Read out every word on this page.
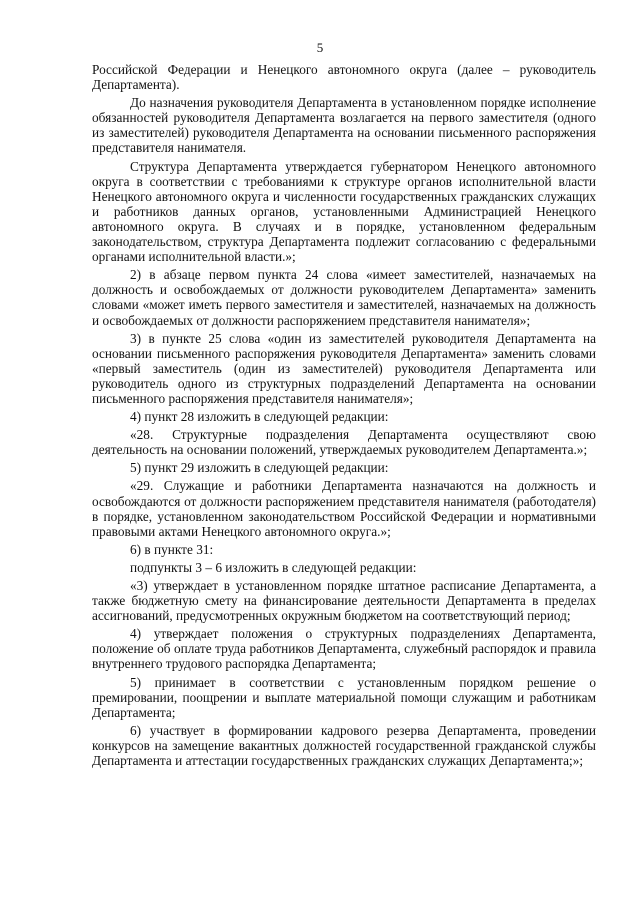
5

Российской Федерации и Ненецкого автономного округа (далее – руководитель Департамента).

До назначения руководителя Департамента в установленном порядке исполнение обязанностей руководителя Департамента возлагается на первого заместителя (одного из заместителей) руководителя Департамента на основании письменного распоряжения представителя нанимателя.

Структура Департамента утверждается губернатором Ненецкого автономного округа в соответствии с требованиями к структуре органов исполнительной власти Ненецкого автономного округа и численности государственных гражданских служащих и работников данных органов, установленными Администрацией Ненецкого автономного округа. В случаях и в порядке, установленном федеральным законодательством, структура Департамента подлежит согласованию с федеральными органами исполнительной власти.»;

2) в абзаце первом пункта 24 слова «имеет заместителей, назначаемых на должность и освобождаемых от должности руководителем Департамента» заменить словами «может иметь первого заместителя и заместителей, назначаемых на должность и освобождаемых от должности распоряжением представителя нанимателя»;

3) в пункте 25 слова «один из заместителей руководителя Департамента на основании письменного распоряжения руководителя Департамента» заменить словами «первый заместитель (один из заместителей) руководителя Департамента или руководитель одного из структурных подразделений Департамента на основании письменного распоряжения представителя нанимателя»;

4) пункт 28 изложить в следующей редакции:

«28. Структурные подразделения Департамента осуществляют свою деятельность на основании положений, утверждаемых руководителем Департамента.»;

5) пункт 29 изложить в следующей редакции:

«29. Служащие и работники Департамента назначаются на должность и освобождаются от должности распоряжением представителя нанимателя (работодателя) в порядке, установленном законодательством Российской Федерации и нормативными правовыми актами Ненецкого автономного округа.»;

6) в пункте 31:

подпункты 3 – 6 изложить в следующей редакции:

«3) утверждает в установленном порядке штатное расписание Департамента, а также бюджетную смету на финансирование деятельности Департамента в пределах ассигнований, предусмотренных окружным бюджетом на соответствующий период;

4) утверждает положения о структурных подразделениях Департамента, положение об оплате труда работников Департамента, служебный распорядок и правила внутреннего трудового распорядка Департамента;

5) принимает в соответствии с установленным порядком решение о премировании, поощрении и выплате материальной помощи служащим и работникам Департамента;

6) участвует в формировании кадрового резерва Департамента, проведении конкурсов на замещение вакантных должностей государственной гражданской службы Департамента и аттестации государственных гражданских служащих Департамента;»;
